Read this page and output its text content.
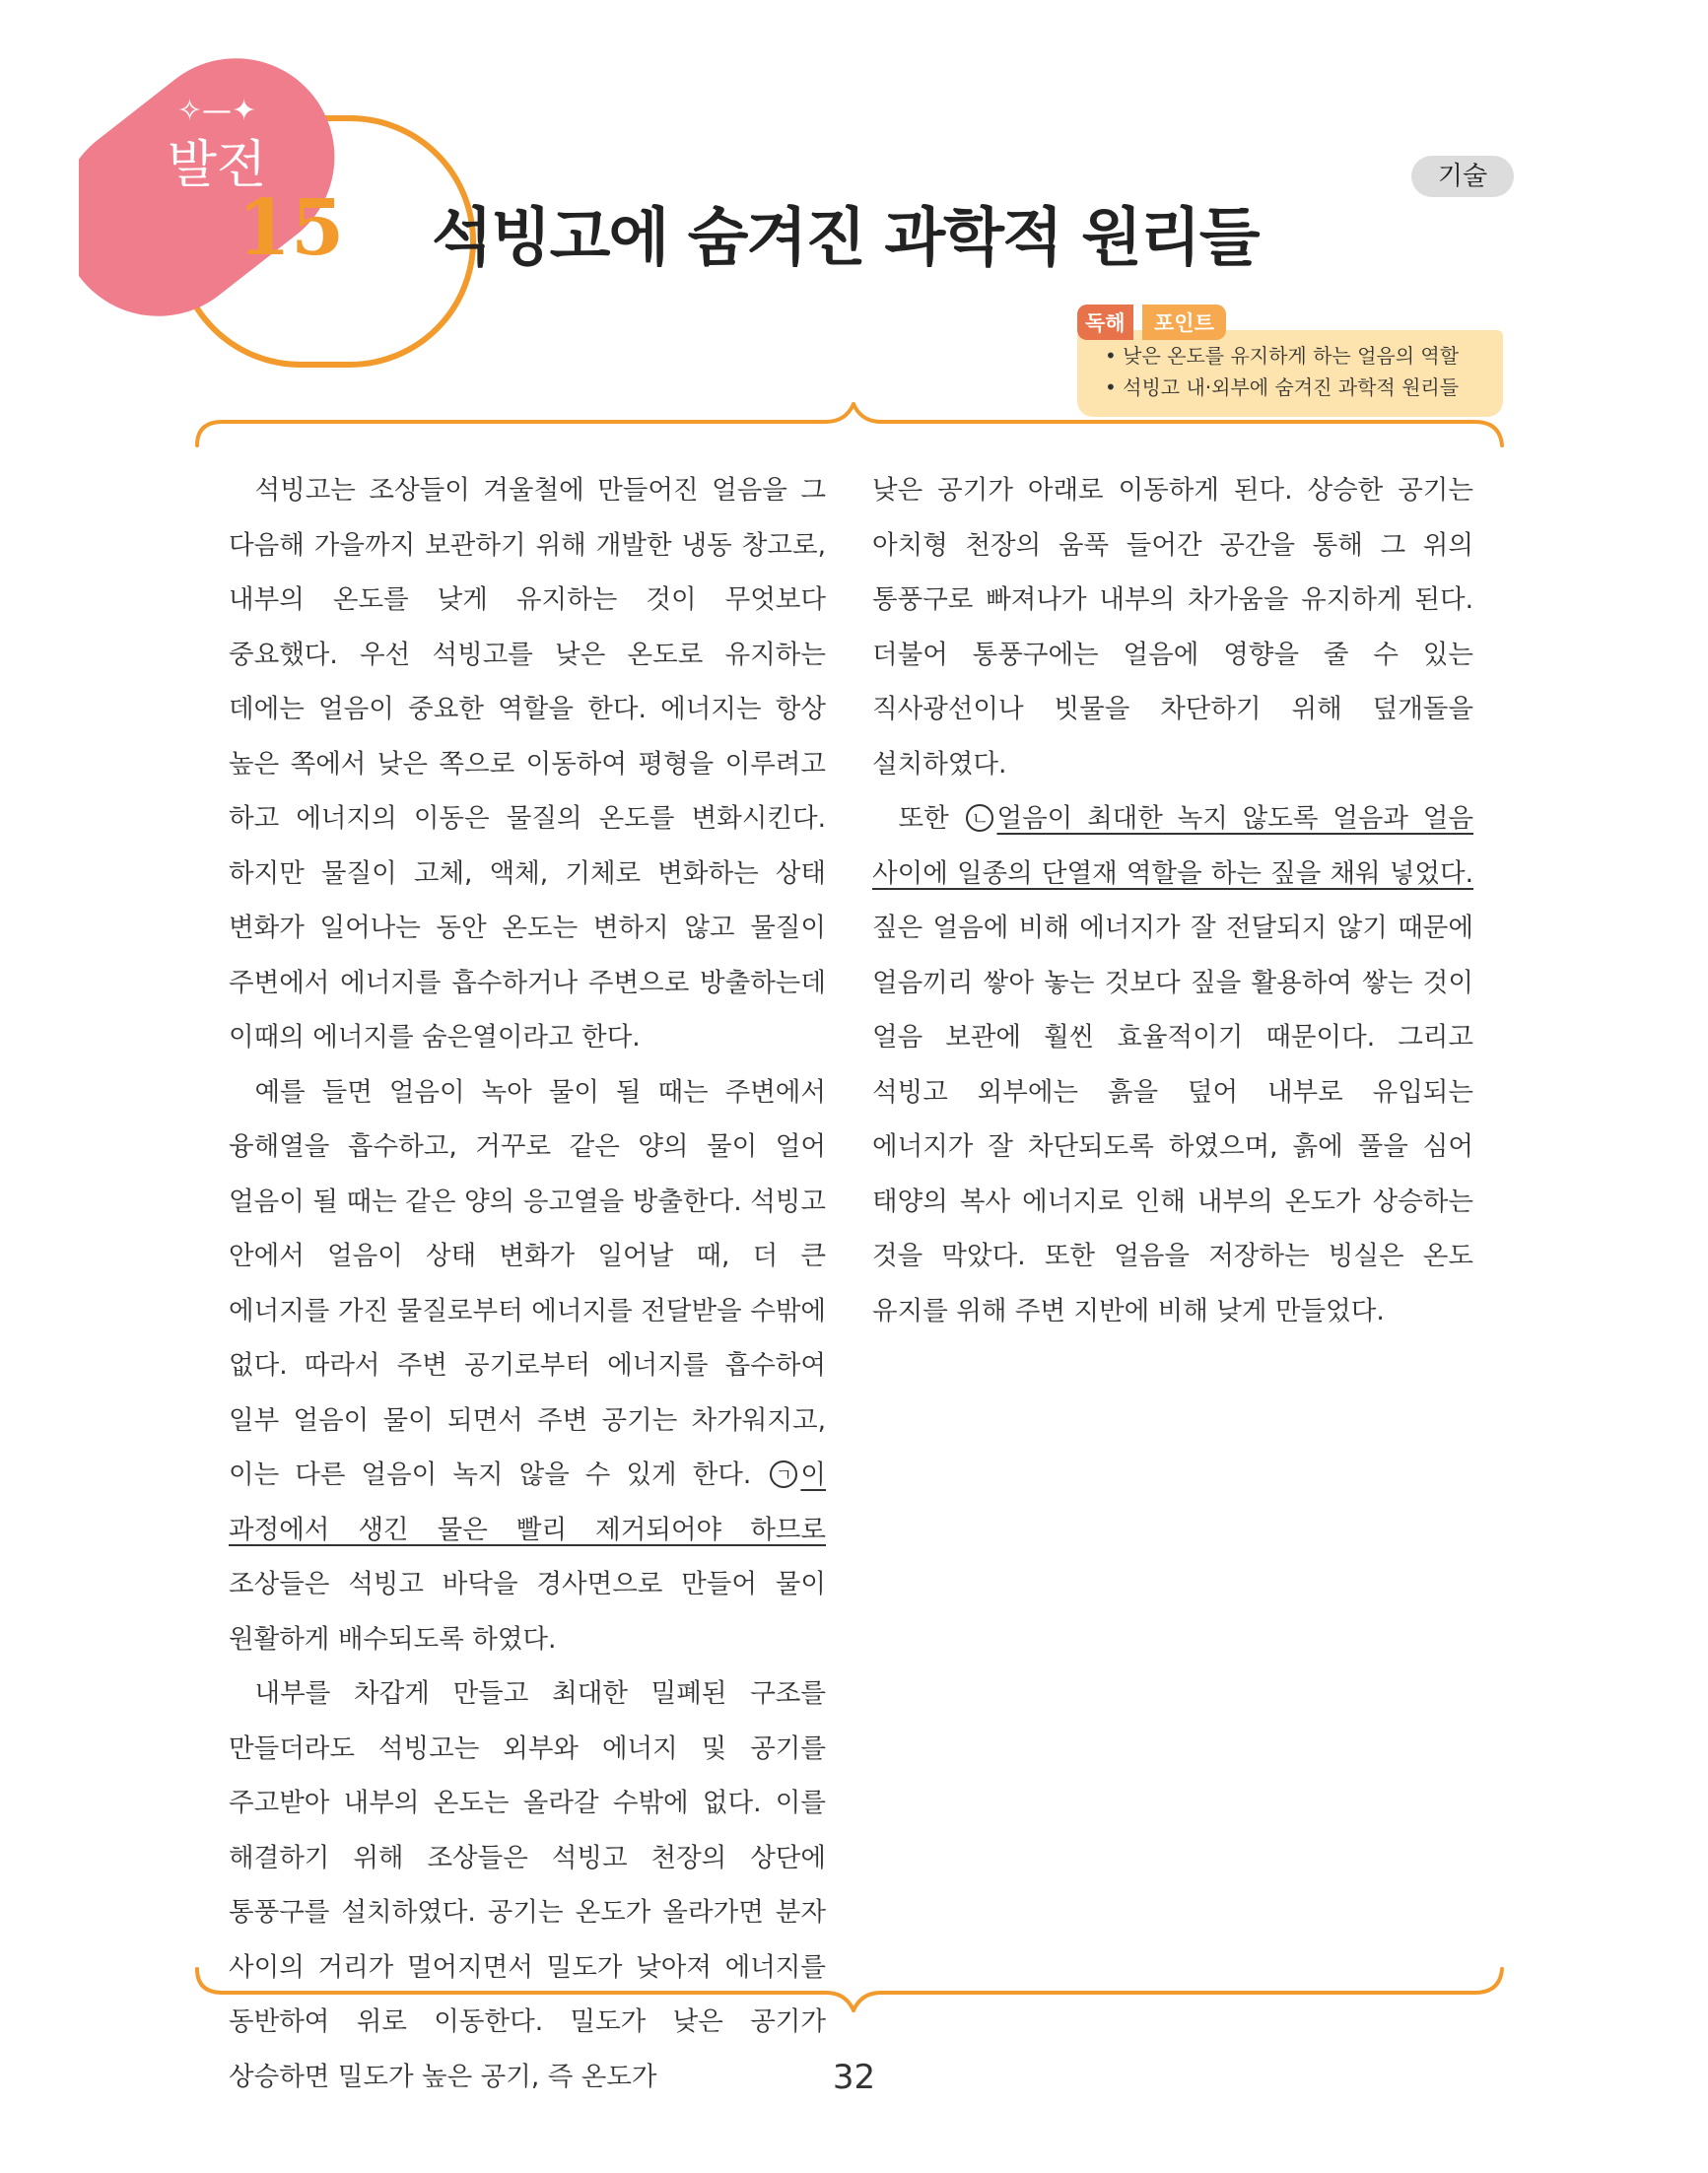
✧—✦
발전
15 석빙고에 숨겨진 과학적 원리들
기술
독해	포인트
• 낮은 온도를 유지하게 하는 얼음의 역할
• 석빙고 내·외부에 숨겨진 과학적 원리들

석빙고는 조상들이 겨울철에 만들어진 얼음을 그 다음해 가을까지 보관하기 위해 개발한 냉동 창고로, 내부의 온도를 낮게 유지하는 것이 무엇보다 중요했다. 우선 석빙고를 낮은 온도로 유지하는 데에는 얼음이 중요한 역할을 한다. 에너지는 항상 높은 쪽에서 낮은 쪽으로 이동하여 평형을 이루려고 하고 에너지의 이동은 물질의 온도를 변화시킨다. 하지만 물질이 고체, 액체, 기체로 변화하는 상태 변화가 일어나는 동안 온도는 변하지 않고 물질이 주변에서 에너지를 흡수하거나 주변으로 방출하는데 이때의 에너지를 숨은열이라고 한다.

예를 들면 얼음이 녹아 물이 될 때는 주변에서 융해열을 흡수하고, 거꾸로 같은 양의 물이 얼어 얼음이 될 때는 같은 양의 응고열을 방출한다. 석빙고 안에서 얼음이 상태 변화가 일어날 때, 더 큰 에너지를 가진 물질로부터 에너지를 전달받을 수밖에 없다. 따라서 주변 공기로부터 에너지를 흡수하여 일부 얼음이 물이 되면서 주변 공기는 차가워지고, 이는 다른 얼음이 녹지 않을 수 있게 한다. ㄱ 이 과정에서 생긴 물은 빨리 제거되어야 하므로 조상들은 석빙고 바닥을 경사면으로 만들어 물이 원활하게 배수되도록 하였다.

내부를 차갑게 만들고 최대한 밀폐된 구조를 만들더라도 석빙고는 외부와 에너지 및 공기를 주고받아 내부의 온도는 올라갈 수밖에 없다. 이를 해결하기 위해 조상들은 석빙고 천장의 상단에 통풍구를 설치하였다. 공기는 온도가 올라가면 분자 사이의 거리가 멀어지면서 밀도가 낮아져 에너지를 동반하여 위로 이동한다. 밀도가 낮은 공기가 상승하면 밀도가 높은 공기, 즉 온도가

낮은 공기가 아래로 이동하게 된다. 상승한 공기는 아치형 천장의 움푹 들어간 공간을 통해 그 위의 통풍구로 빠져나가 내부의 차가움을 유지하게 된다. 더불어 통풍구에는 얼음에 영향을 줄 수 있는 직사광선이나 빗물을 차단하기 위해 덮개돌을 설치하였다.

또한 ㄴ 얼음이 최대한 녹지 않도록 얼음과 얼음 사이에 일종의 단열재 역할을 하는 짚을 채워 넣었다. 짚은 얼음에 비해 에너지가 잘 전달되지 않기 때문에 얼음끼리 쌓아 놓는 것보다 짚을 활용하여 쌓는 것이 얼음 보관에 훨씬 효율적이기 때문이다. 그리고 석빙고 외부에는 흙을 덮어 내부로 유입되는 에너지가 잘 차단되도록 하였으며, 흙에 풀을 심어 태양의 복사 에너지로 인해 내부의 온도가 상승하는 것을 막았다. 또한 얼음을 저장하는 빙실은 온도 유지를 위해 주변 지반에 비해 낮게 만들었다.

32
